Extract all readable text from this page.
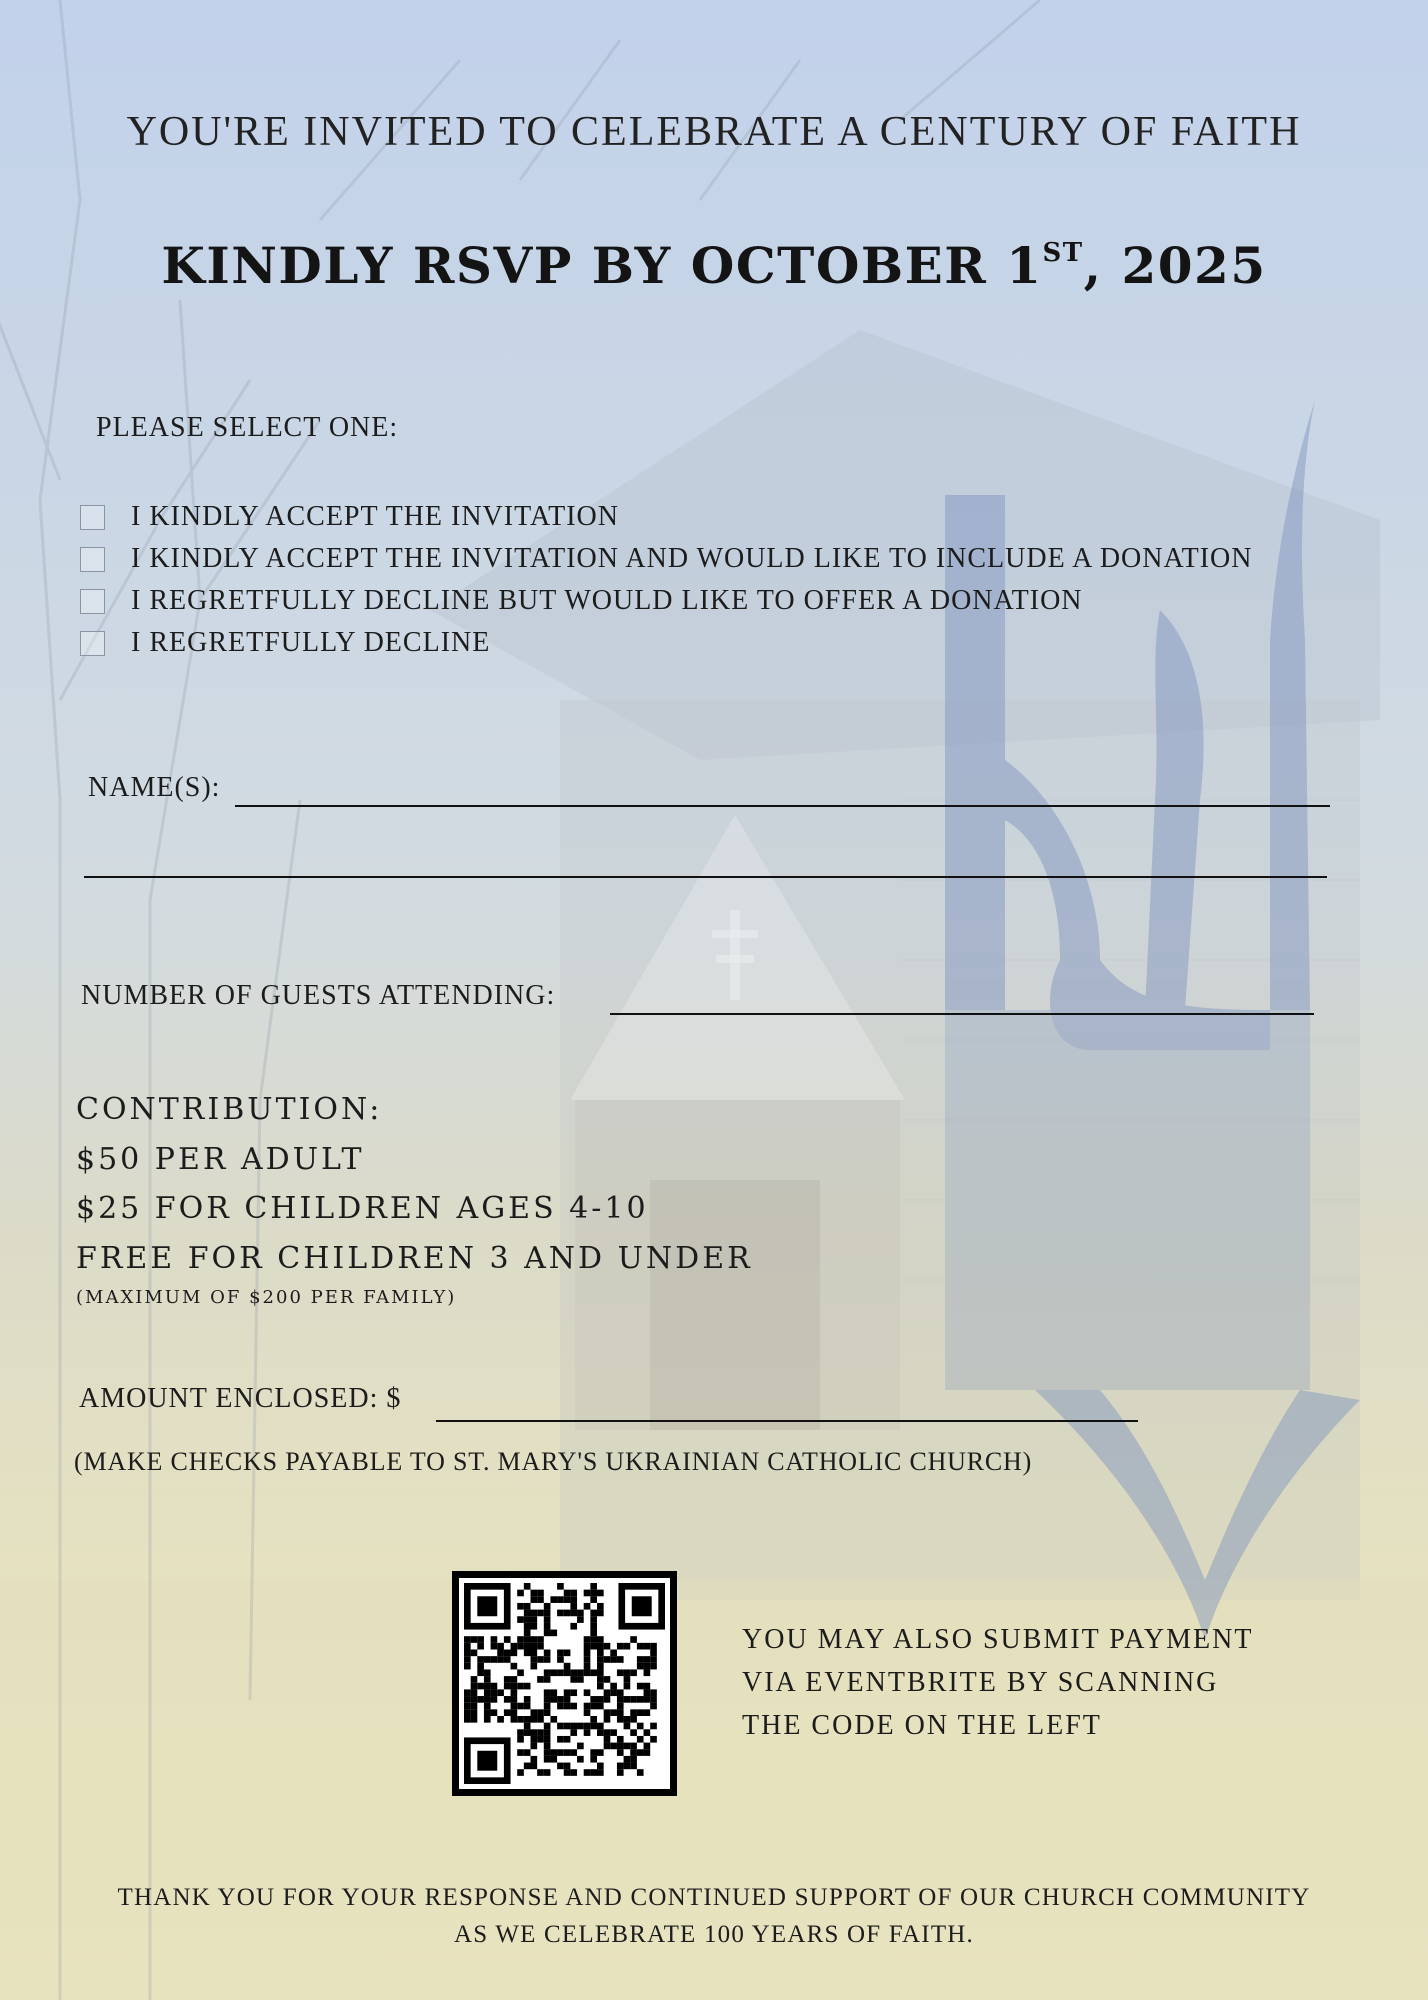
YOU'RE INVITED TO CELEBRATE A CENTURY OF FAITH
KINDLY RSVP BY OCTOBER 1ST, 2025
PLEASE SELECT ONE:
I KINDLY ACCEPT THE INVITATION
I KINDLY ACCEPT THE INVITATION AND WOULD LIKE TO INCLUDE A DONATION
I REGRETFULLY DECLINE BUT WOULD LIKE TO OFFER A DONATION
I REGRETFULLY DECLINE
NAME(S):
NUMBER OF GUESTS ATTENDING:
CONTRIBUTION:
$50 PER ADULT
$25 FOR CHILDREN AGES 4-10
FREE FOR CHILDREN 3 AND UNDER
(MAXIMUM OF $200 PER FAMILY)
AMOUNT ENCLOSED: $
(MAKE CHECKS PAYABLE TO ST. MARY'S UKRAINIAN CATHOLIC CHURCH)
YOU MAY ALSO SUBMIT PAYMENT
VIA EVENTBRITE BY SCANNING
THE CODE ON THE LEFT
THANK YOU FOR YOUR RESPONSE AND CONTINUED SUPPORT OF OUR CHURCH COMMUNITY
AS WE CELEBRATE 100 YEARS OF FAITH.
